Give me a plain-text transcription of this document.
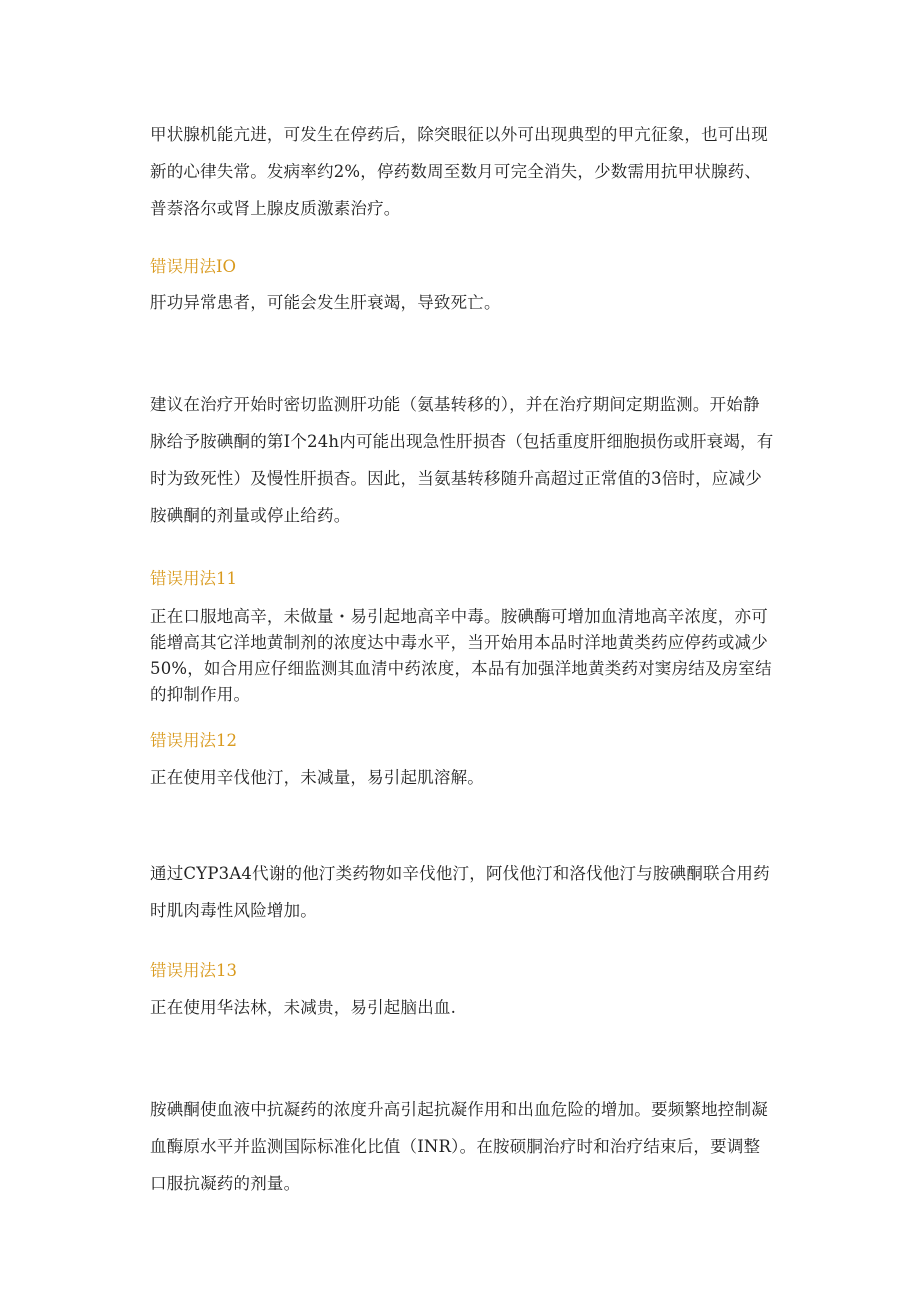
甲状腺机能亢进，可发生在停药后，除突眼征以外可出现典型的甲亢征象，也可出现新的心律失常。发病率约2%，停药数周至数月可完全消失，少数需用抗甲状腺药、普萘洛尔或肾上腺皮质激素治疗。

错误用法IO

肝功异常患者，可能会发生肝衰竭，导致死亡。

建议在治疗开始时密切监测肝功能（氨基转移的），并在治疗期间定期监测。开始静脉给予胺碘酮的第I个24h内可能出现急性肝损杳（包括重度肝细胞损伤或肝衰竭，有时为致死性）及慢性肝损杳。因此，当氨基转移随升高超过正常值的3倍时，应减少胺碘酮的剂量或停止给药。

错误用法11

正在口服地高辛，未做量・易引起地高辛中毒。胺碘酶可增加血清地高辛浓度，亦可能增高其它洋地黄制剂的浓度达中毒水平，当开始用本品时洋地黄类药应停药或减少50%，如合用应仔细监测其血清中药浓度，本品有加强洋地黄类药对窦房结及房室结的抑制作用。

错误用法12

正在使用辛伐他汀，未减量，易引起肌溶解。

通过CYP3A4代谢的他汀类药物如辛伐他汀，阿伐他汀和洛伐他汀与胺碘酮联合用药时肌肉毒性风险增加。

错误用法13

正在使用华法林，未减贵，易引起脑出血.

胺碘酮使血液中抗凝药的浓度升高引起抗凝作用和出血危险的增加。要频繁地控制凝血酶原水平并监测国际标准化比值（INR）。在胺硕胴治疗时和治疗结束后，要调整口服抗凝药的剂量。
